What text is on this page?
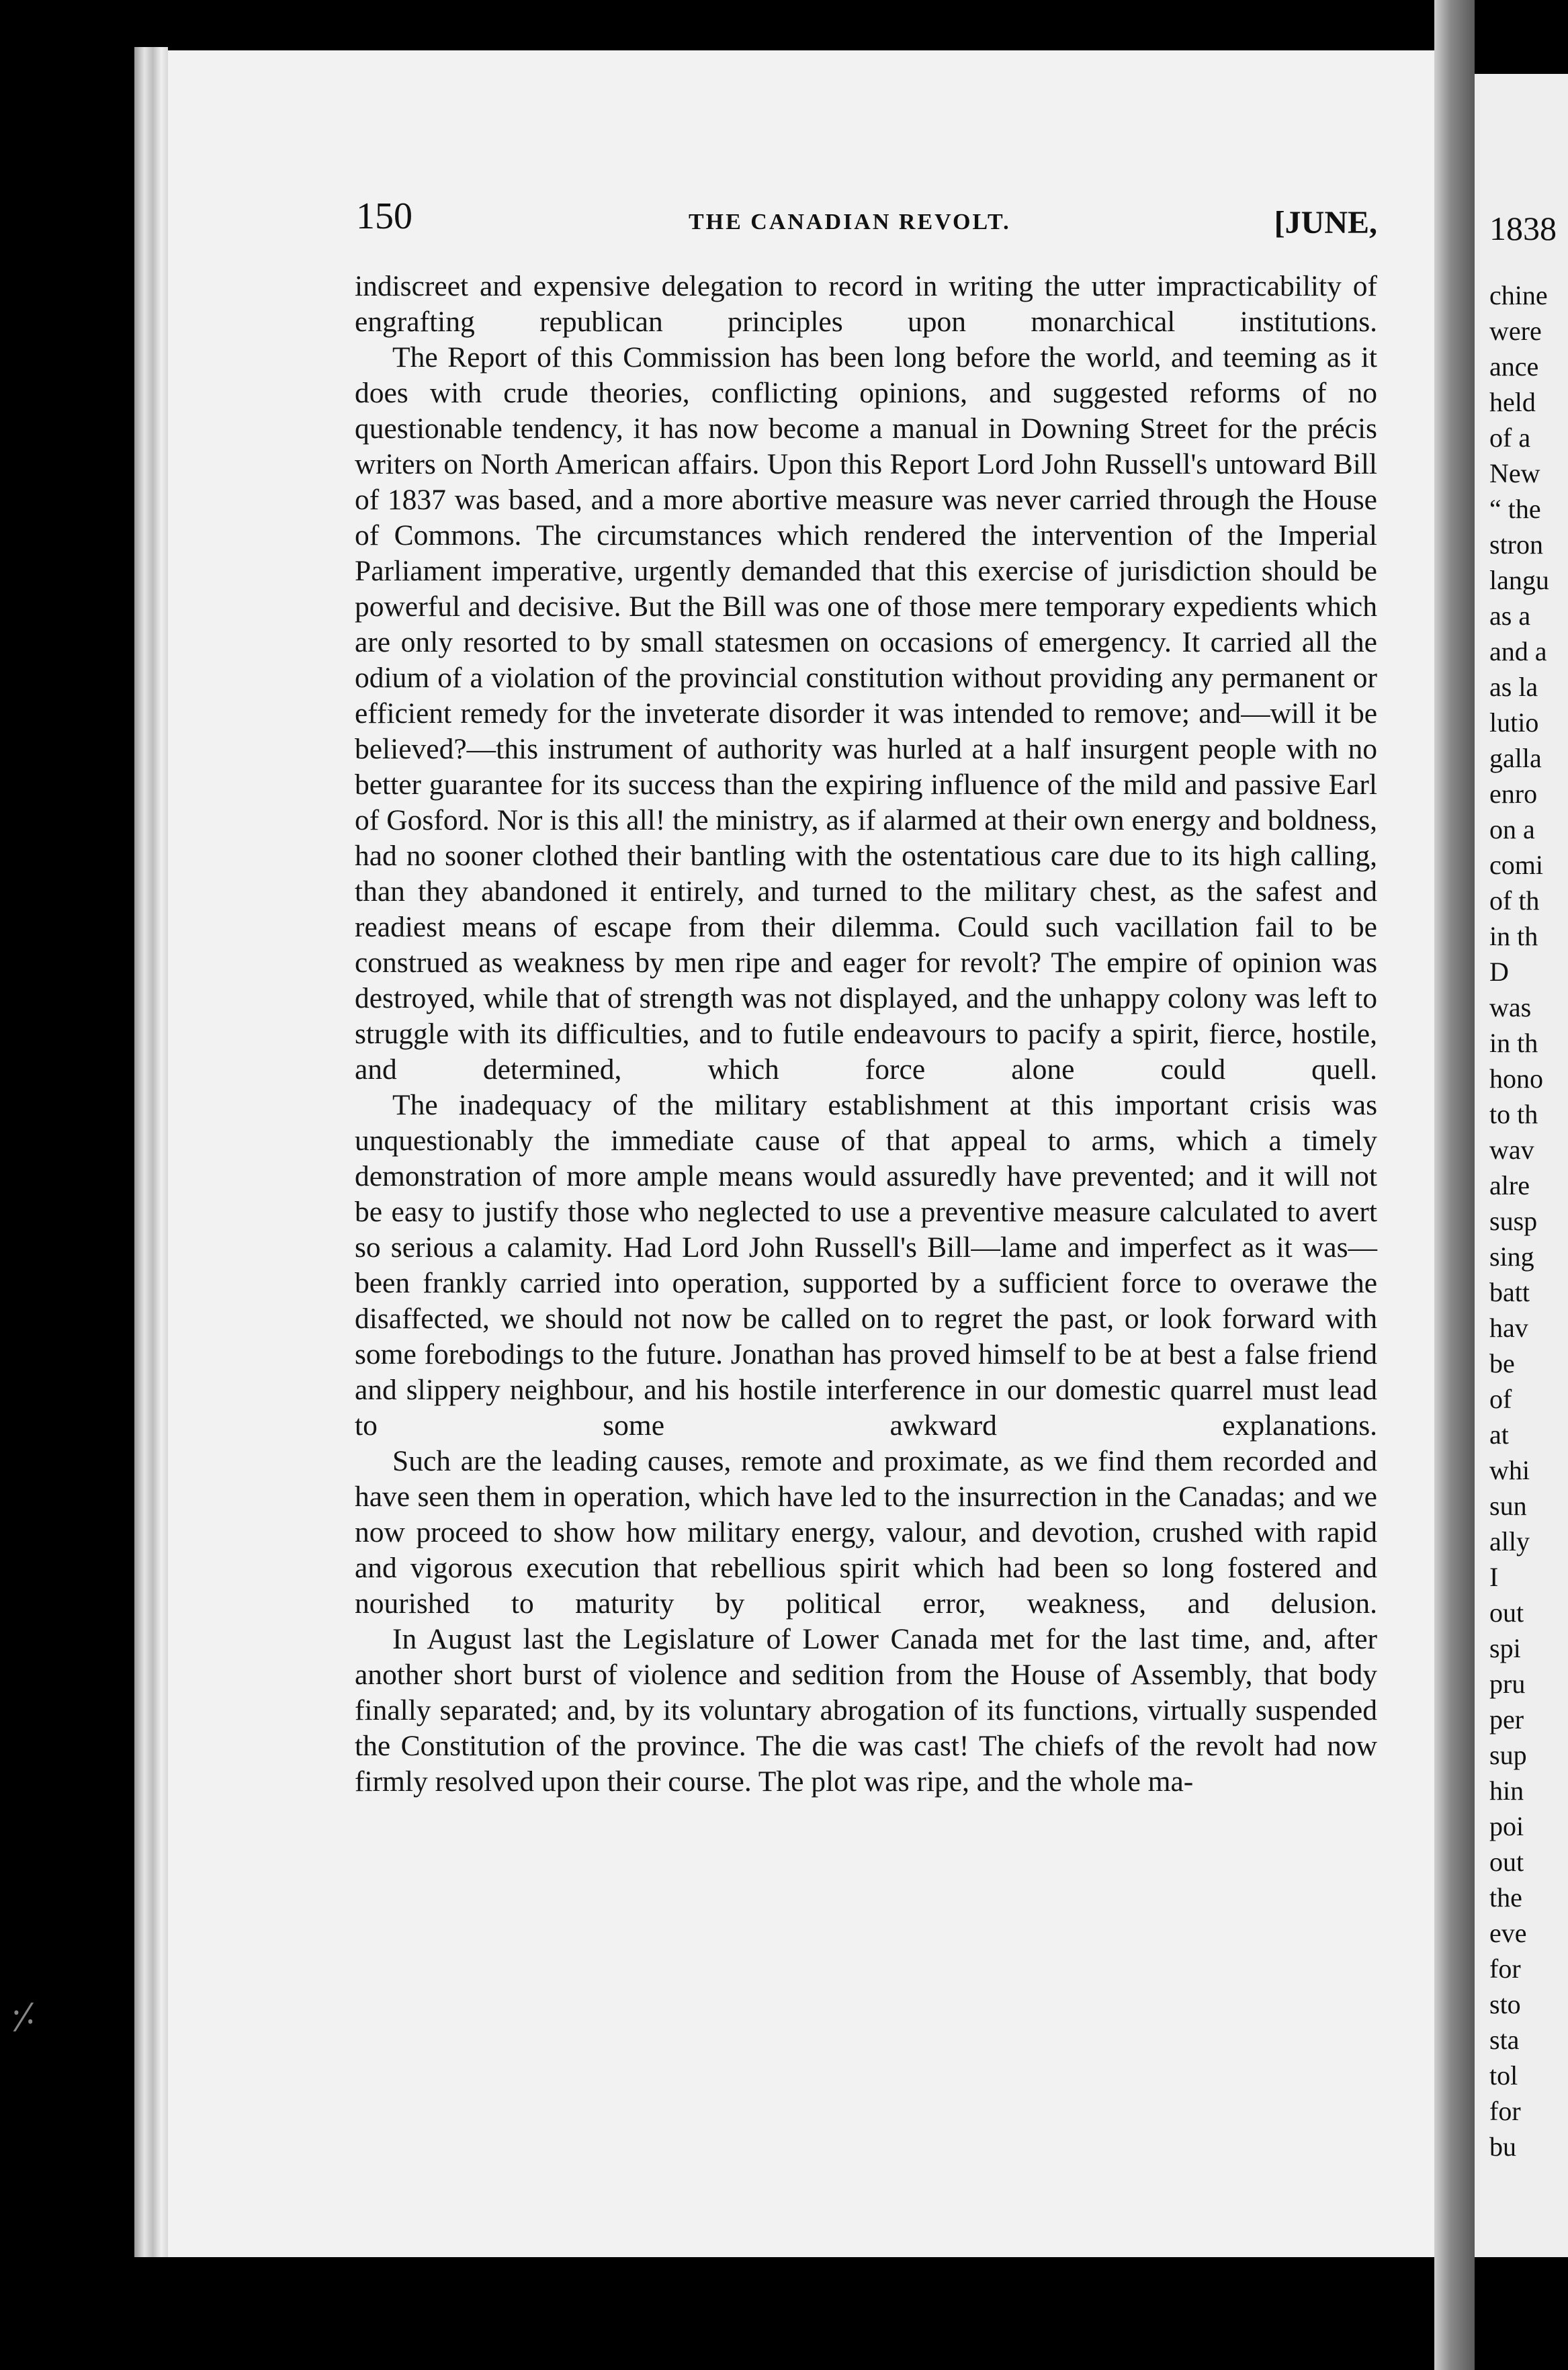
1838
chine
were
ance
held
of a
New
“ the
stron
langu
as a
and a
as la
lutio
galla
enro
on a
comi
of th
in th
D
was
in th
hono
to th
wav
alre
susp
sing
batt
hav
be
of
at
whi
sun
ally
I
out
spi
pru
per
sup
hin
poi
out
the
eve
for
sto
sta
tol
for
bu
150	THE CANADIAN REVOLT.	[JUNE,

indiscreet and expensive delegation to record in writing the utter impracticability of engrafting republican principles upon monarchical institutions.

The Report of this Commission has been long before the world, and teeming as it does with crude theories, conflicting opinions, and suggested reforms of no questionable tendency, it has now become a manual in Downing Street for the précis writers on North American affairs. Upon this Report Lord John Russell's untoward Bill of 1837 was based, and a more abortive measure was never carried through the House of Commons. The circumstances which rendered the intervention of the Imperial Parliament imperative, urgently demanded that this exercise of jurisdiction should be powerful and decisive. But the Bill was one of those mere temporary expedients which are only resorted to by small statesmen on occasions of emergency. It carried all the odium of a violation of the provincial constitution without providing any permanent or efficient remedy for the inveterate disorder it was intended to remove; and—will it be believed?—this instrument of authority was hurled at a half insurgent people with no better guarantee for its success than the expiring influence of the mild and passive Earl of Gosford. Nor is this all! the ministry, as if alarmed at their own energy and boldness, had no sooner clothed their bantling with the ostentatious care due to its high calling, than they abandoned it entirely, and turned to the military chest, as the safest and readiest means of escape from their dilemma. Could such vacillation fail to be construed as weakness by men ripe and eager for revolt? The empire of opinion was destroyed, while that of strength was not displayed, and the unhappy colony was left to struggle with its difficulties, and to futile endeavours to pacify a spirit, fierce, hostile, and determined, which force alone could quell.

The inadequacy of the military establishment at this important crisis was unquestionably the immediate cause of that appeal to arms, which a timely demonstration of more ample means would assuredly have prevented; and it will not be easy to justify those who neglected to use a preventive measure calculated to avert so serious a calamity. Had Lord John Russell's Bill—lame and imperfect as it was—been frankly carried into operation, supported by a sufficient force to overawe the disaffected, we should not now be called on to regret the past, or look forward with some forebodings to the future. Jonathan has proved himself to be at best a false friend and slippery neighbour, and his hostile interference in our domestic quarrel must lead to some awkward explanations.

Such are the leading causes, remote and proximate, as we find them recorded and have seen them in operation, which have led to the insurrection in the Canadas; and we now proceed to show how military energy, valour, and devotion, crushed with rapid and vigorous execution that rebellious spirit which had been so long fostered and nourished to maturity by political error, weakness, and delusion.

In August last the Legislature of Lower Canada met for the last time, and, after another short burst of violence and sedition from the House of Assembly, that body finally separated; and, by its voluntary abrogation of its functions, virtually suspended the Constitution of the province. The die was cast! The chiefs of the revolt had now firmly resolved upon their course. The plot was ripe, and the whole ma-

⸓
